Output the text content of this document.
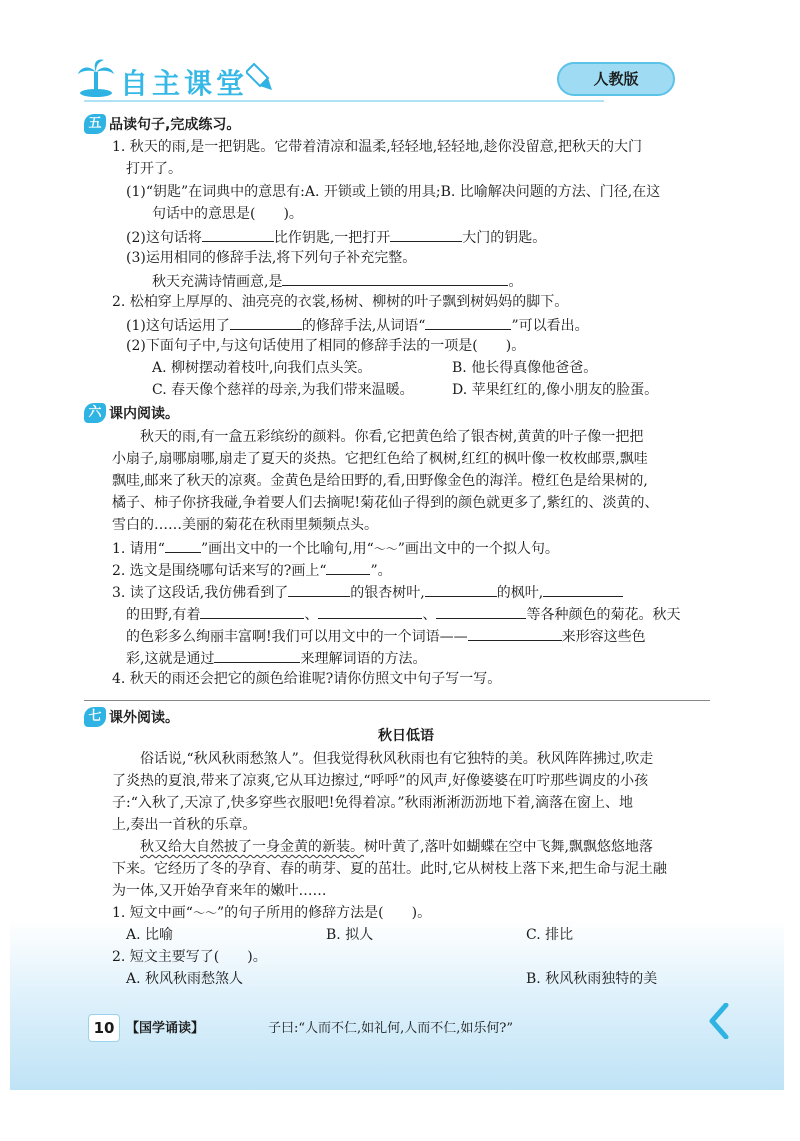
自主课堂	人教版
五 品读句子,完成练习。
1. 秋天的雨,是一把钥匙。它带着清凉和温柔,轻轻地,轻轻地,趁你没留意,把秋天的大门
打开了。
(1)“钥匙”在词典中的意思有:A. 开锁或上锁的用具;B. 比喻解决问题的方法、门径,在这
句话中的意思是(　　)。
(2)这句话将	比作钥匙,一把打开	大门的钥匙。
(3)运用相同的修辞手法,将下列句子补充完整。
秋天充满诗情画意,是	。
2. 松柏穿上厚厚的、油亮亮的衣裳,杨树、柳树的叶子飘到树妈妈的脚下。
(1)这句话运用了	的修辞手法,从词语“	”可以看出。
(2)下面句子中,与这句话使用了相同的修辞手法的一项是(　　)。
A. 柳树摆动着枝叶,向我们点头笑。	B. 他长得真像他爸爸。
C. 春天像个慈祥的母亲,为我们带来温暖。	D. 苹果红红的,像小朋友的脸蛋。
六 课内阅读。
秋天的雨,有一盒五彩缤纷的颜料。你看,它把黄色给了银杏树,黄黄的叶子像一把把
小扇子,扇哪扇哪,扇走了夏天的炎热。它把红色给了枫树,红红的枫叶像一枚枚邮票,飘哇
飘哇,邮来了秋天的凉爽。金黄色是给田野的,看,田野像金色的海洋。橙红色是给果树的,
橘子、柿子你挤我碰,争着要人们去摘呢!菊花仙子得到的颜色就更多了,紫红的、淡黄的、
雪白的……美丽的菊花在秋雨里频频点头。
1. 请用“	”画出文中的一个比喻句,用“～～”画出文中的一个拟人句。
2. 选文是围绕哪句话来写的?画上“	”。
3. 读了这段话,我仿佛看到了	的银杏树叶,	的枫叶,
的田野,有着	、	、	等各种颜色的菊花。秋天
的色彩多么绚丽丰富啊!我们可以用文中的一个词语——	来形容这些色
彩,这就是通过	来理解词语的方法。
4. 秋天的雨还会把它的颜色给谁呢?请你仿照文中句子写一写。
七 课外阅读。
秋日低语
俗话说,“秋风秋雨愁煞人”。但我觉得秋风秋雨也有它独特的美。秋风阵阵拂过,吹走
了炎热的夏浪,带来了凉爽,它从耳边擦过,“呼呼”的风声,好像婆婆在叮咛那些调皮的小孩
子:“入秋了,天凉了,快多穿些衣服吧!免得着凉。”秋雨淅淅沥沥地下着,滴落在窗上、地
上,奏出一首秋的乐章。
秋又给大自然披了一身金黄的新装。树叶黄了,落叶如蝴蝶在空中飞舞,飘飘悠悠地落
下来。它经历了冬的孕育、春的萌芽、夏的茁壮。此时,它从树枝上落下来,把生命与泥土融
为一体,又开始孕育来年的嫩叶……
1. 短文中画“～～”的句子所用的修辞方法是(　　)。
A. 比喻	B. 拟人	C. 排比
2. 短文主要写了(　　)。
A. 秋风秋雨愁煞人	B. 秋风秋雨独特的美
10 【国学诵读】	子曰:“人而不仁,如礼何,人而不仁,如乐何?”
